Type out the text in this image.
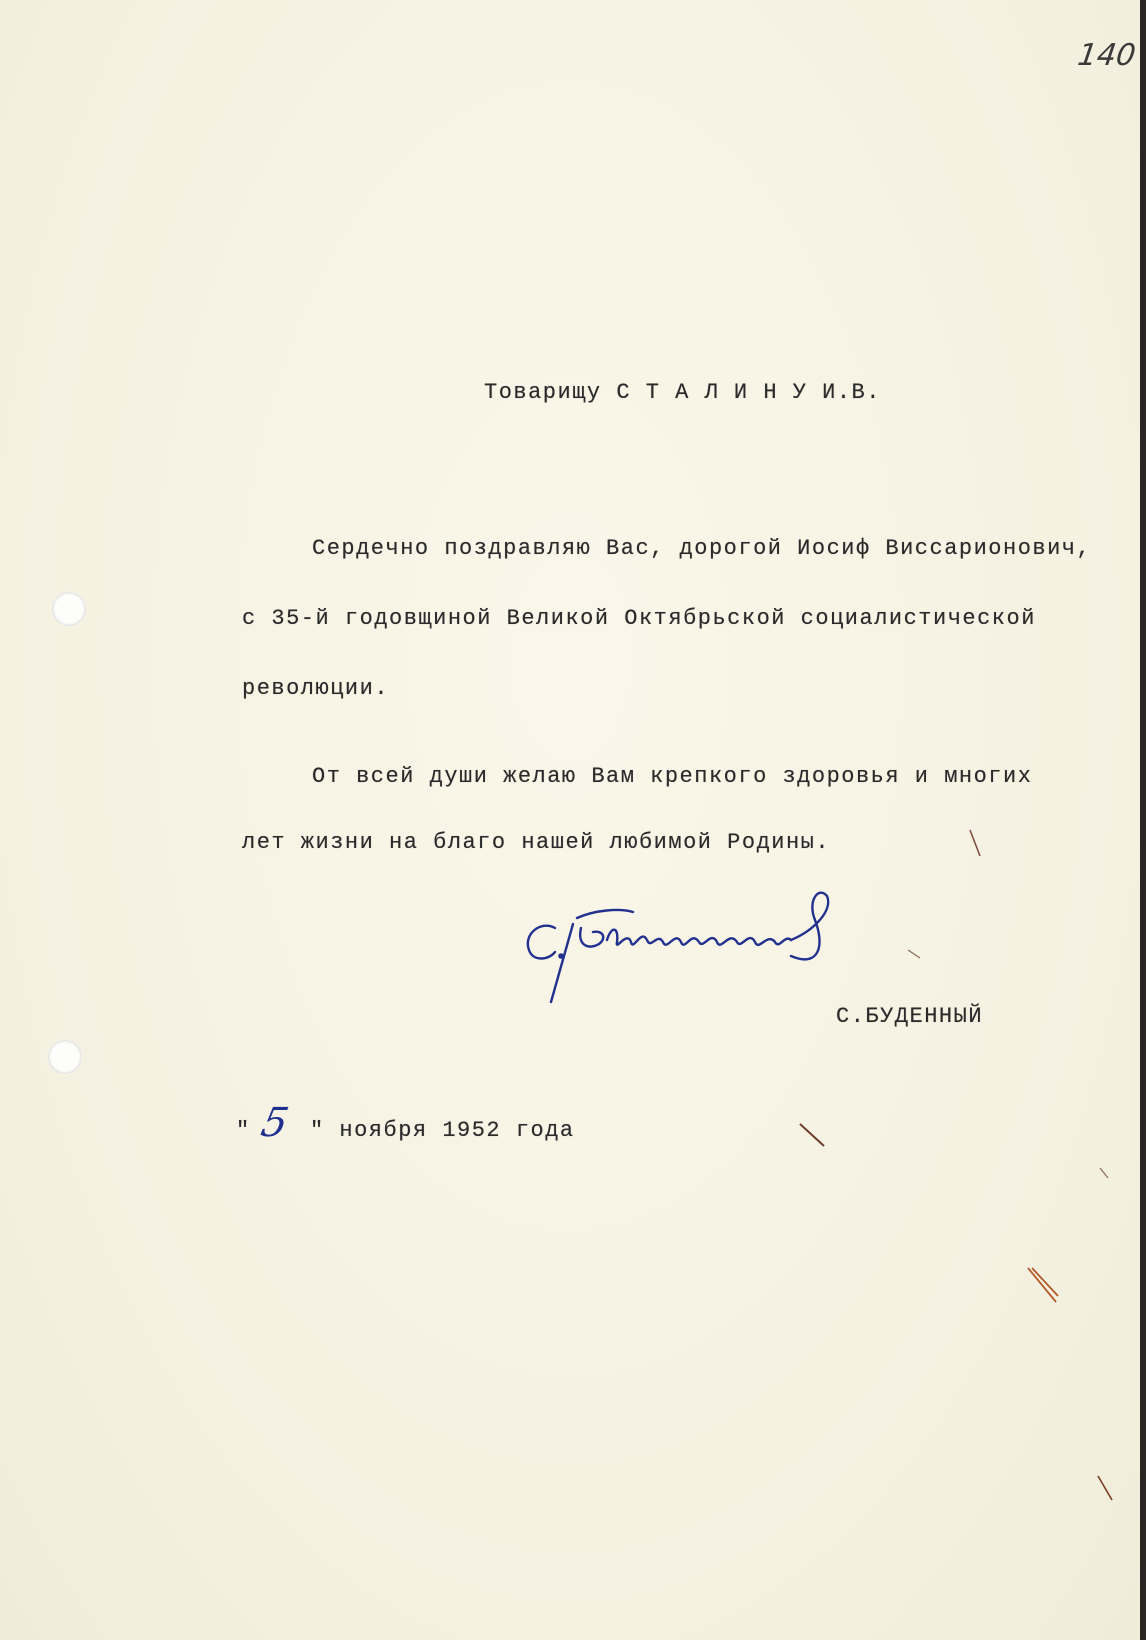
140
Товарищу С Т А Л И Н У И.В.
Сердечно поздравляю Вас, дорогой Иосиф Виссарионович,
с 35-й годовщиной Великой Октябрьской социалистической
революции.
От всей души желаю Вам крепкого здоровья и многих
лет жизни на благо нашей любимой Родины.
С.БУДЕННЫЙ
" 5 " ноября 1952 года
